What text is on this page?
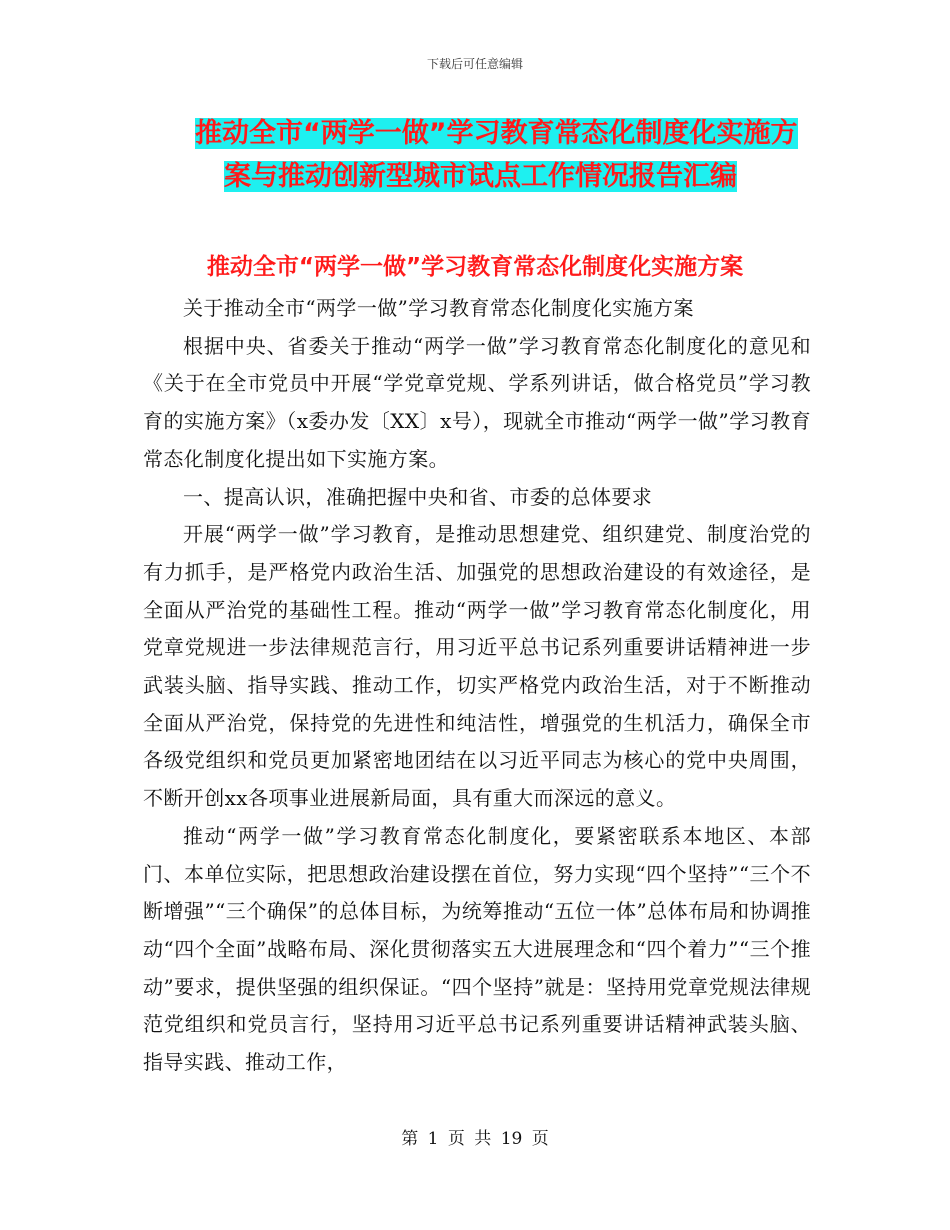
下载后可任意编辑
推动全市“两学一做”学习教育常态化制度化实施方
案与推动创新型城市试点工作情况报告汇编
推动全市“两学一做”学习教育常态化制度化实施方案

关于推动全市“两学一做”学习教育常态化制度化实施方案

根据中央、省委关于推动“两学一做”学习教育常态化制度化的意见和《关于在全市党员中开展“学党章党规、学系列讲话，做合格党员”学习教育的实施方案》（x委办发〔XX〕x号），现就全市推动“两学一做”学习教育常态化制度化提出如下实施方案。

一、提高认识，准确把握中央和省、市委的总体要求

开展“两学一做”学习教育，是推动思想建党、组织建党、制度治党的有力抓手，是严格党内政治生活、加强党的思想政治建设的有效途径，是全面从严治党的基础性工程。推动“两学一做”学习教育常态化制度化，用党章党规进一步法律规范言行，用习近平总书记系列重要讲话精神进一步武装头脑、指导实践、推动工作，切实严格党内政治生活，对于不断推动全面从严治党，保持党的先进性和纯洁性，增强党的生机活力，确保全市各级党组织和党员更加紧密地团结在以习近平同志为核心的党中央周围，不断开创xx各项事业进展新局面，具有重大而深远的意义。

推动“两学一做”学习教育常态化制度化，要紧密联系本地区、本部门、本单位实际，把思想政治建设摆在首位，努力实现“四个坚持”“三个不断增强”“三个确保”的总体目标，为统筹推动“五位一体”总体布局和协调推动“四个全面”战略布局、深化贯彻落实五大进展理念和“四个着力”“三个推动”要求，提供坚强的组织保证。“四个坚持”就是：坚持用党章党规法律规范党组织和党员言行，坚持用习近平总书记系列重要讲话精神武装头脑、指导实践、推动工作，

第 1 页 共 19 页
